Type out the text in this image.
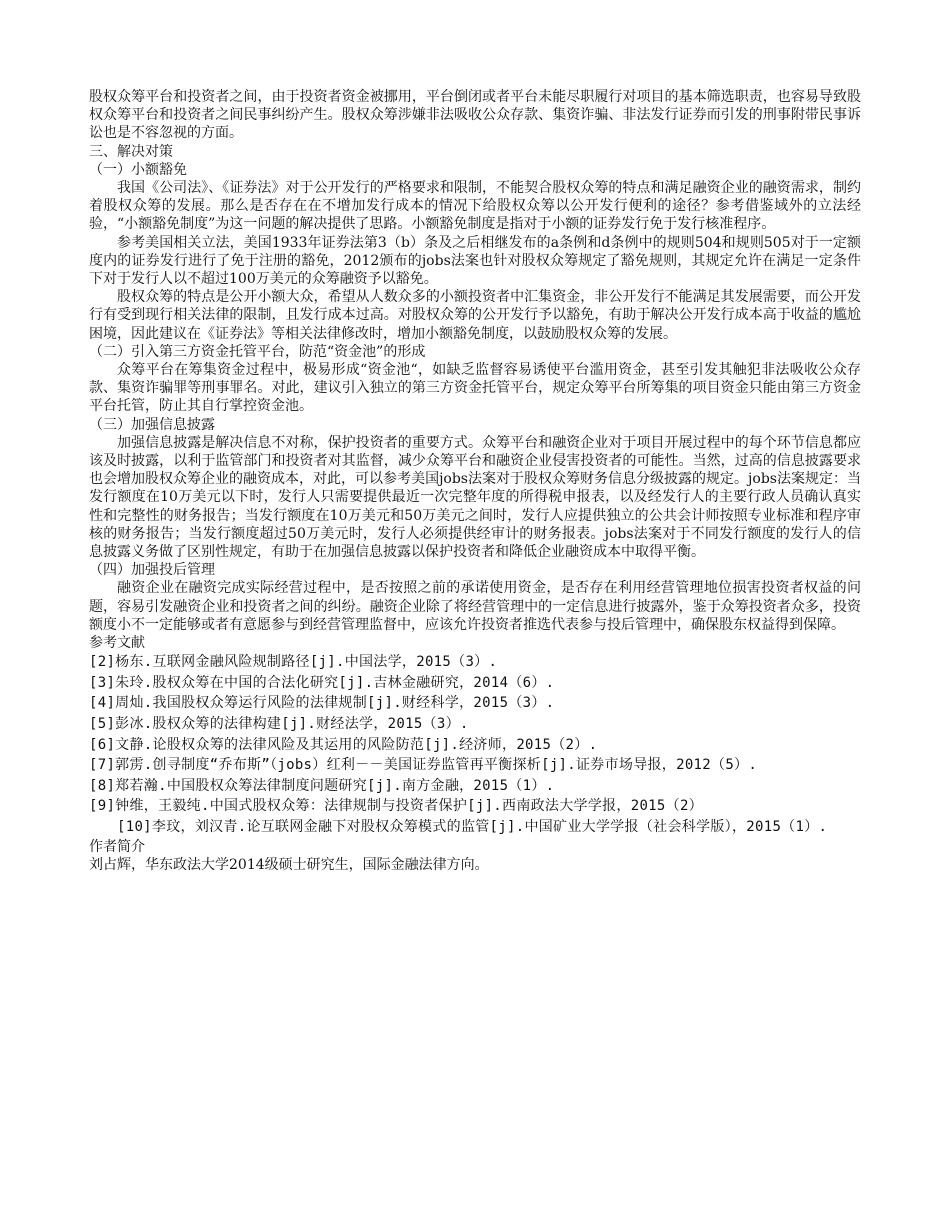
股权众筹平台和投资者之间，由于投资者资金被挪用，平台倒闭或者平台未能尽职履行对项目的基本筛选职责，也容易导致股权众筹平台和投资者之间民事纠纷产生。股权众筹涉嫌非法吸收公众存款、集资诈骗、非法发行证券而引发的刑事附带民事诉讼也是不容忽视的方面。

三、解决对策

（一）小额豁免

我国《公司法》、《证券法》对于公开发行的严格要求和限制，不能契合股权众筹的特点和满足融资企业的融资需求，制约着股权众筹的发展。那么是否存在在不增加发行成本的情况下给股权众筹以公开发行便利的途径？参考借鉴域外的立法经验，“小额豁免制度”为这一问题的解决提供了思路。小额豁免制度是指对于小额的证券发行免于发行核准程序。

参考美国相关立法，美国1933年证券法第3（b）条及之后相继发布的a条例和d条例中的规则504和规则505对于一定额度内的证券发行进行了免于注册的豁免，2012颁布的jobs法案也针对股权众筹规定了豁免规则，其规定允许在满足一定条件下对于发行人以不超过100万美元的众筹融资予以豁免。

股权众筹的特点是公开小额大众，希望从人数众多的小额投资者中汇集资金，非公开发行不能满足其发展需要，而公开发行有受到现行相关法律的限制，且发行成本过高。对股权众筹的公开发行予以豁免，有助于解决公开发行成本高于收益的尴尬困境，因此建议在《证券法》等相关法律修改时，增加小额豁免制度，以鼓励股权众筹的发展。

（二）引入第三方资金托管平台，防范“资金池”的形成

众筹平台在筹集资金过程中，极易形成“资金池“，如缺乏监督容易诱使平台滥用资金，甚至引发其触犯非法吸收公众存款、集资诈骗罪等刑事罪名。对此，建议引入独立的第三方资金托管平台，规定众筹平台所筹集的项目资金只能由第三方资金平台托管，防止其自行掌控资金池。

（三）加强信息披露

加强信息披露是解决信息不对称，保护投资者的重要方式。众筹平台和融资企业对于项目开展过程中的每个环节信息都应该及时披露，以利于监管部门和投资者对其监督，减少众筹平台和融资企业侵害投资者的可能性。当然，过高的信息披露要求也会增加股权众筹企业的融资成本，对此，可以参考美国jobs法案对于股权众筹财务信息分级披露的规定。jobs法案规定：当发行额度在10万美元以下时，发行人只需要提供最近一次完整年度的所得税申报表，以及经发行人的主要行政人员确认真实性和完整性的财务报告；当发行额度在10万美元和50万美元之间时，发行人应提供独立的公共会计师按照专业标准和程序审核的财务报告；当发行额度超过50万美元时，发行人必须提供经审计的财务报表。jobs法案对于不同发行额度的发行人的信息披露义务做了区别性规定，有助于在加强信息披露以保护投资者和降低企业融资成本中取得平衡。

（四）加强投后管理

融资企业在融资完成实际经营过程中，是否按照之前的承诺使用资金，是否存在利用经营管理地位损害投资者权益的问题，容易引发融资企业和投资者之间的纠纷。融资企业除了将经营管理中的一定信息进行披露外，鉴于众筹投资者众多，投资额度小不一定能够或者有意愿参与到经营管理监督中，应该允许投资者推选代表参与投后管理中，确保股东权益得到保障。

参考文献

[2]杨东.互联网金融风险规制路径[j].中国法学，2015（3）.

[3]朱玲.股权众筹在中国的合法化研究[j].吉林金融研究，2014（6）.

[4]周灿.我国股权众筹运行风险的法律规制[j].财经科学，2015（3）.

[5]彭冰.股权众筹的法律构建[j].财经法学，2015（3）.

[6]文静.论股权众筹的法律风险及其运用的风险防范[j].经济师，2015（2）.

[7]郭雳.创寻制度“乔布斯”（jobs）红利－－美国证券监管再平衡探析[j].证券市场导报，2012（5）.

[8]郑若瀚.中国股权众筹法律制度问题研究[j].南方金融，2015（1）.

[9]钟维，王毅纯.中国式股权众筹：法律规制与投资者保护[j].西南政法大学学报，2015（2）

[10]李玟，刘汉青.论互联网金融下对股权众筹模式的监管[j].中国矿业大学学报（社会科学版），2015（1）.

作者简介

刘占辉，华东政法大学2014级硕士研究生，国际金融法律方向。
